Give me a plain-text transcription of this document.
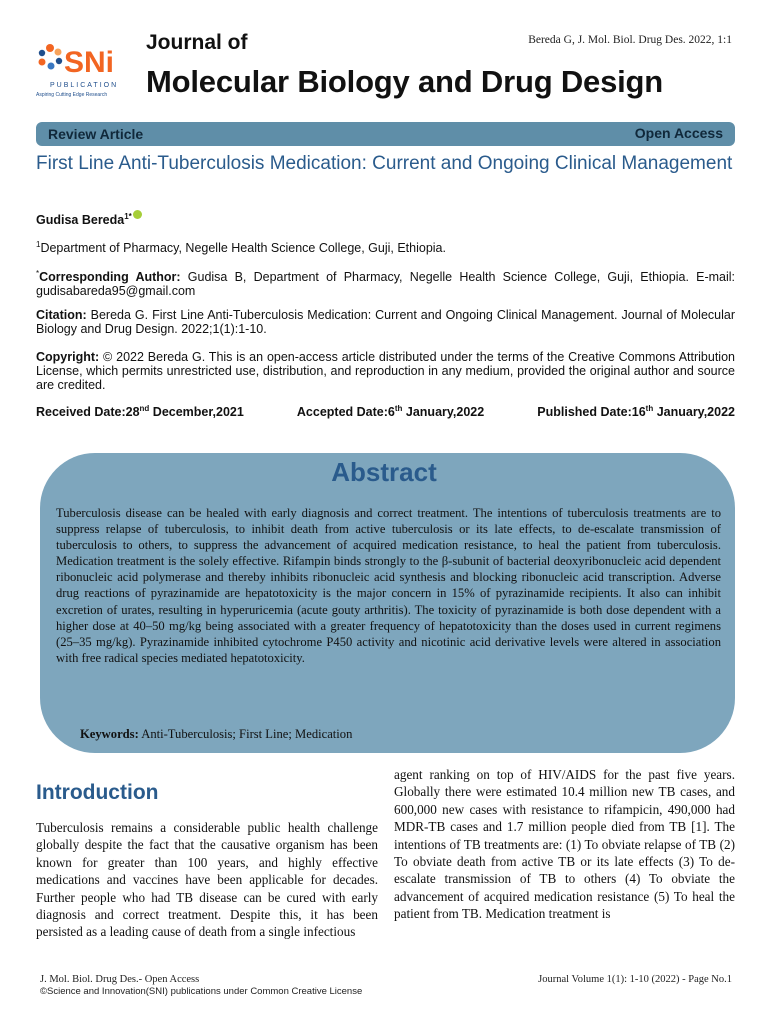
SNi
PUBLICATION
Aspiring Cutting Edge Research
Journal of
Molecular Biology and Drug Design
Bereda G, J. Mol. Biol. Drug Des. 2022, 1:1
Review Article	Open Access
First Line Anti-Tuberculosis Medication: Current and Ongoing Clinical Management
Gudisa Bereda$^{1*}$
$^1$Department of Pharmacy, Negelle Health Science College, Guji, Ethiopia.
*Corresponding Author: Gudisa B, Department of Pharmacy, Negelle Health Science College, Guji, Ethiopia. E-mail: gudisabareda95@gmail.com
Citation: Bereda G. First Line Anti-Tuberculosis Medication: Current and Ongoing Clinical Management. Journal of Molecular Biology and Drug Design. 2022;1(1):1-10.
Copyright: © 2022 Bereda G. This is an open-access article distributed under the terms of the Creative Commons Attribution License, which permits unrestricted use, distribution, and reproduction in any medium, provided the original author and source are credited.
Received Date:28nd December,2021	Accepted Date:6th January,2022	Published Date:16th January,2022
Abstract
Tuberculosis disease can be healed with early diagnosis and correct treatment. The intentions of tuberculosis treatments are to suppress relapse of tuberculosis, to inhibit death from active tuberculosis or its late effects, to de-escalate transmission of tuberculosis to others, to suppress the advancement of acquired medication resistance, to heal the patient from tuberculosis. Medication treatment is the solely effective. Rifampin binds strongly to the β-subunit of bacterial deoxyribonucleic acid dependent ribonucleic acid polymerase and thereby inhibits ribonucleic acid synthesis and blocking ribonucleic acid transcription. Adverse drug reactions of pyrazinamide are hepatotoxicity is the major concern in 15% of pyrazinamide recipients. It also can inhibit excretion of urates, resulting in hyperuricemia (acute gouty arthritis). The toxicity of pyrazinamide is both dose dependent with a higher dose at 40–50 mg/kg being associated with a greater frequency of hepatotoxicity than the doses used in current regimens (25–35 mg/kg). Pyrazinamide inhibited cytochrome P450 activity and nicotinic acid derivative levels were altered in association with free radical species mediated hepatotoxicity.
Keywords: Anti-Tuberculosis; First Line; Medication
Introduction
Tuberculosis remains a considerable public health challenge globally despite the fact that the causative organism has been known for greater than 100 years, and highly effective medications and vaccines have been applicable for decades. Further people who had TB disease can be cured with early diagnosis and correct treatment. Despite this, it has been persisted as a leading cause of death from a single infectious
agent ranking on top of HIV/AIDS for the past five years. Globally there were estimated 10.4 million new TB cases, and 600,000 new cases with resistance to rifampicin, 490,000 had MDR-TB cases and 1.7 million people died from TB [1]. The intentions of TB treatments are: (1) To obviate relapse of TB (2) To obviate death from active TB or its late effects (3) To de-escalate transmission of TB to others (4) To obviate the advancement of acquired medication resistance (5) To heal the patient from TB. Medication treatment is
J. Mol. Biol. Drug Des.- Open Access	Journal Volume 1(1): 1-10 (2022) - Page No.1
©Science and Innovation(SNI) publications under Common Creative License
